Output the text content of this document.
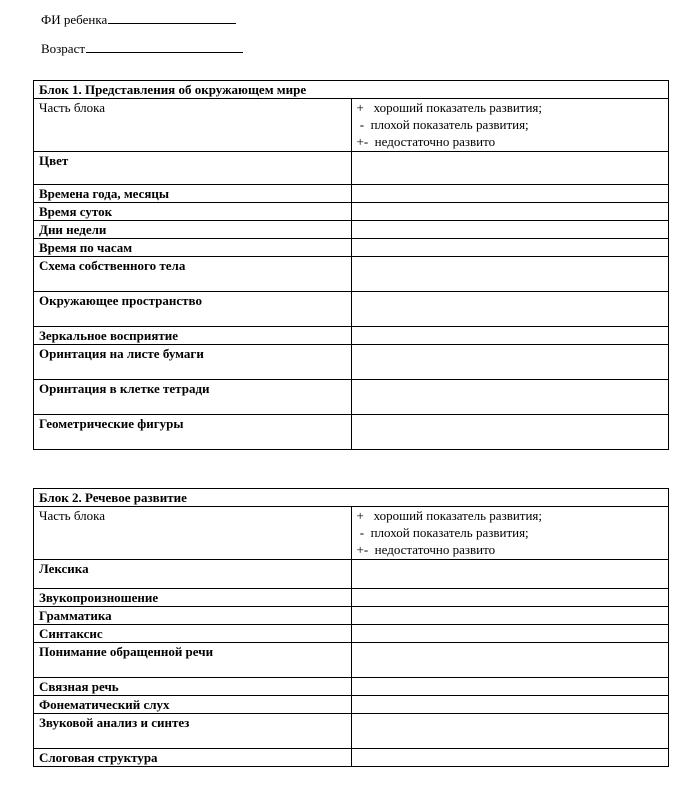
ФИ ребенка
Возраст
Блок 1. Представления об окружающем мире	
Часть блока	+   хороший показатель развития;
-  плохой показатель развития;
+-  недостаточно развито

Цвет	
Времена года, месяцы	
Время суток	
Дни недели	
Время по часам	
Схема собственного тела	
Окружающее пространство	
Зеркальное восприятие	
Оринтация на листе бумаги	
Оринтация в клетке тетради	
Геометрические фигуры	
Блок 2. Речевое развитие	
Часть блока	+   хороший показатель развития;
-  плохой показатель развития;
+-  недостаточно развито

Лексика	
Звукопроизношение	
Грамматика	
Синтаксис	
Понимание обращенной речи	
Связная речь	
Фонематический слух	
Звуковой анализ и синтез	
Слоговая структура	
